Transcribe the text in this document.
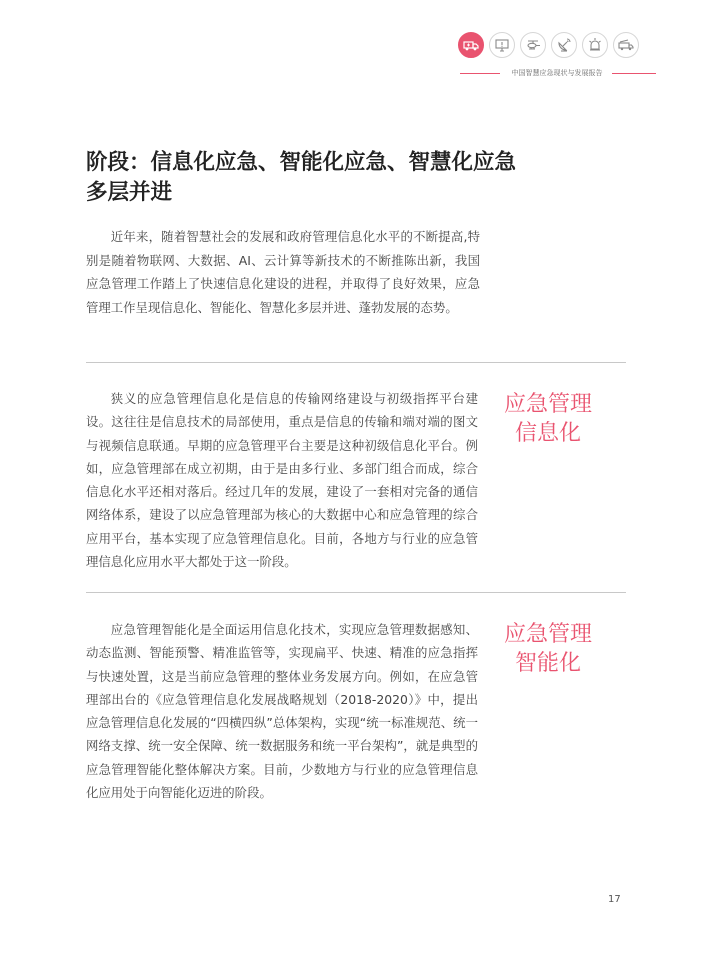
中国智慧应急现状与发展报告
阶段：信息化应急、智能化应急、智慧化应急多层并进

近年来，随着智慧社会的发展和政府管理信息化水平的不断提高,特别是随着物联网、大数据、AI、云计算等新技术的不断推陈出新，我国应急管理工作踏上了快速信息化建设的进程，并取得了良好效果，应急管理工作呈现信息化、智能化、智慧化多层并进、蓬勃发展的态势。

狭义的应急管理信息化是信息的传输网络建设与初级指挥平台建设。这往往是信息技术的局部使用，重点是信息的传输和端对端的图文与视频信息联通。早期的应急管理平台主要是这种初级信息化平台。例如，应急管理部在成立初期，由于是由多行业、多部门组合而成，综合信息化水平还相对落后。经过几年的发展，建设了一套相对完备的通信网络体系，建设了以应急管理部为核心的大数据中心和应急管理的综合应用平台，基本实现了应急管理信息化。目前，各地方与行业的应急管理信息化应用水平大都处于这一阶段。

应急管理
信息化

应急管理智能化是全面运用信息化技术，实现应急管理数据感知、动态监测、智能预警、精准监管等，实现扁平、快速、精准的应急指挥与快速处置，这是当前应急管理的整体业务发展方向。例如，在应急管理部出台的《应急管理信息化发展战略规划（2018-2020）》中，提出应急管理信息化发展的“四横四纵”总体架构，实现“统一标准规范、统一网络支撑、统一安全保障、统一数据服务和统一平台架构”，就是典型的应急管理智能化整体解决方案。目前，少数地方与行业的应急管理信息化应用处于向智能化迈进的阶段。

应急管理
智能化
17
